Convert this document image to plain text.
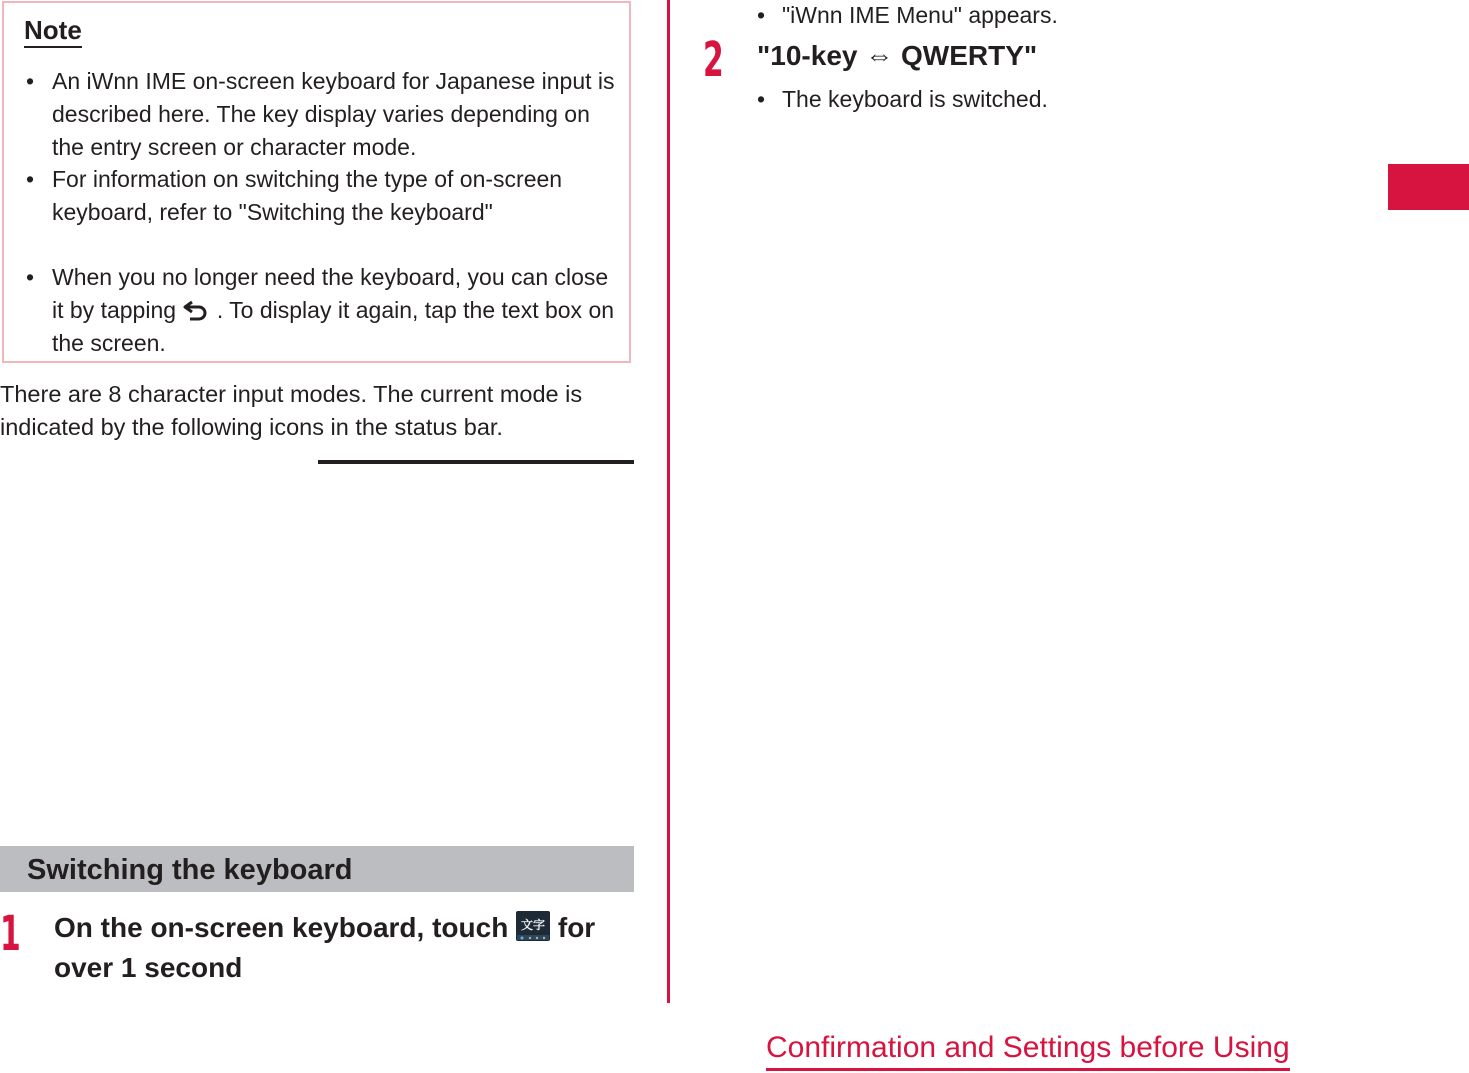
Note
• An iWnn IME on-screen keyboard for Japanese input is described here. The key display varies depending on the entry screen or character mode.
• For information on switching the type of on-screen keyboard, refer to "Switching the keyboard"
• When you no longer need the keyboard, you can close it by tapping . To display it again, tap the text box on the screen.
There are 8 character input modes. The current mode is indicated by the following icons in the status bar.
Switching the keyboard
1 On the on-screen keyboard, touch 文字 for over 1 second
• "iWnn IME Menu" appears.
2 "10-key ⇔ QWERTY"
• The keyboard is switched.
Confirmation and Settings before Using
